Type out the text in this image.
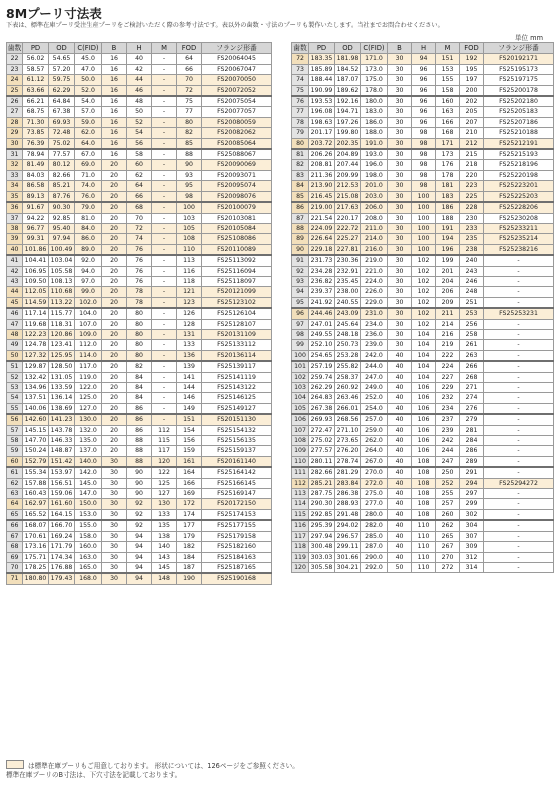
8Mプーリ寸法表
下表は、標準在庫プーリ受注生産プーリをご検討いただく際の参考寸法です。表以外の歯数・寸法のプーリも製作いたします。当社までお問合わせください。
単位 mm
歯数	PD	OD	C(FID)	B	H	M	FOD	フランジ形番
22	56.02	54.65	45.0	16	40	-	64	FS20064045
23	58.57	57.20	47.0	16	42	-	66	FS20067047
24	61.12	59.75	50.0	16	44	-	70	FS20070050
25	63.66	62.29	52.0	16	46	-	72	FS20072052
26	66.21	64.84	54.0	16	48	-	75	FS20075054
27	68.75	67.38	57.0	16	50	-	77	FS20077057
28	71.30	69.93	59.0	16	52	-	80	FS20080059
29	73.85	72.48	62.0	16	54	-	82	FS20082062
30	76.39	75.02	64.0	16	56	-	85	FS20085064
31	78.94	77.57	67.0	16	58	-	88	FS25088067
32	81.49	80.12	69.0	20	60	-	90	FS20090069
33	84.03	82.66	71.0	20	62	-	93	FS20093071
34	86.58	85.21	74.0	20	64	-	95	FS20095074
35	89.13	87.76	76.0	20	66	-	98	FS20098076
36	91.67	90.30	79.0	20	68	-	100	FS20100079
37	94.22	92.85	81.0	20	70	-	103	FS20103081
38	96.77	95.40	84.0	20	72	-	105	FS20105084
39	99.31	97.94	86.0	20	74	-	108	FS25108086
40	101.86	100.49	89.0	20	76	-	110	FS20110089
41	104.41	103.04	92.0	20	76	-	113	FS25113092
42	106.95	105.58	94.0	20	76	-	116	FS25116094
43	109.50	108.13	97.0	20	76	-	118	FS25118097
44	112.05	110.68	99.0	20	78	-	121	FS20121099
45	114.59	113.22	102.0	20	78	-	123	FS25123102
46	117.14	115.77	104.0	20	80	-	126	FS25126104
47	119.68	118.31	107.0	20	80	-	128	FS25128107
48	122.23	120.86	109.0	20	80	-	131	FS20131109
49	124.78	123.41	112.0	20	80	-	133	FS25133112
50	127.32	125.95	114.0	20	80	-	136	FS20136114
51	129.87	128.50	117.0	20	82	-	139	FS25139117
52	132.42	131.05	119.0	20	84	-	141	FS25141119
53	134.96	133.59	122.0	20	84	-	144	FS25143122
54	137.51	136.14	125.0	20	84	-	146	FS25146125
55	140.06	138.69	127.0	20	86	-	149	FS25149127
56	142.60	141.23	130.0	20	86	-	151	FS20151130
57	145.15	143.78	132.0	20	86	112	154	FS25154132
58	147.70	146.33	135.0	20	88	115	156	FS25156135
59	150.24	148.87	137.0	20	88	117	159	FS25159137
60	152.79	151.42	140.0	30	88	120	161	FS20161140
61	155.34	153.97	142.0	30	90	122	164	FS25164142
62	157.88	156.51	145.0	30	90	125	166	FS25166145
63	160.43	159.06	147.0	30	90	127	169	FS25169147
64	162.97	161.60	150.0	30	92	130	172	FS20172150
65	165.52	164.15	153.0	30	92	133	174	FS25174153
66	168.07	166.70	155.0	30	92	135	177	FS25177155
67	170.61	169.24	158.0	30	94	138	179	FS25179158
68	173.16	171.79	160.0	30	94	140	182	FS25182160
69	175.71	174.34	163.0	30	94	143	184	FS25184163
70	178.25	176.88	165.0	30	94	145	187	FS25187165
71	180.80	179.43	168.0	30	94	148	190	FS25190168
歯数	PD	OD	C(FID)	B	H	M	FOD	フランジ形番
72	183.35	181.98	171.0	30	94	151	192	FS20192171
73	185.89	184.52	173.0	30	96	153	195	FS25195173
74	188.44	187.07	175.0	30	96	155	197	FS25197175
75	190.99	189.62	178.0	30	96	158	200	FS25200178
76	193.53	192.16	180.0	30	96	160	202	FS25202180
77	196.08	194.71	183.0	30	96	163	205	FS25205183
78	198.63	197.26	186.0	30	96	166	207	FS25207186
79	201.17	199.80	188.0	30	98	168	210	FS25210188
80	203.72	202.35	191.0	30	98	171	212	FS25212191
81	206.26	204.89	193.0	30	98	173	215	FS25215193
82	208.81	207.44	196.0	30	98	176	218	FS25218196
83	211.36	209.99	198.0	30	98	178	220	FS25220198
84	213.90	212.53	201.0	30	98	181	223	FS25223201
85	216.45	215.08	203.0	30	100	183	225	FS25225203
86	219.00	217.63	206.0	30	100	186	228	FS25228206
87	221.54	220.17	208.0	30	100	188	230	FS25230208
88	224.09	222.72	211.0	30	100	191	233	FS25233211
89	226.64	225.27	214.0	30	100	194	235	FS25235214
90	229.18	227.81	216.0	30	100	196	238	FS25238216
91	231.73	230.36	219.0	30	102	199	240	-
92	234.28	232.91	221.0	30	102	201	243	-
93	236.82	235.45	224.0	30	102	204	246	-
94	239.37	238.00	226.0	30	102	206	248	-
95	241.92	240.55	229.0	30	102	209	251	-
96	244.46	243.09	231.0	30	102	211	253	FS25253231
97	247.01	245.64	234.0	30	102	214	256	-
98	249.55	248.18	236.0	30	104	216	258	-
99	252.10	250.73	239.0	30	104	219	261	-
100	254.65	253.28	242.0	40	104	222	263	-
101	257.19	255.82	244.0	40	104	224	266	-
102	259.74	258.37	247.0	40	104	227	268	-
103	262.29	260.92	249.0	40	106	229	271	-
104	264.83	263.46	252.0	40	106	232	274	-
105	267.38	266.01	254.0	40	106	234	276	-
106	269.93	268.56	257.0	40	106	237	279	-
107	272.47	271.10	259.0	40	106	239	281	-
108	275.02	273.65	262.0	40	106	242	284	-
109	277.57	276.20	264.0	40	106	244	286	-
110	280.11	278.74	267.0	40	108	247	289	-
111	282.66	281.29	270.0	40	108	250	291	-
112	285.21	283.84	272.0	40	108	252	294	FS25294272
113	287.75	286.38	275.0	40	108	255	297	-
114	290.30	288.93	277.0	40	108	257	299	-
115	292.85	291.48	280.0	40	108	260	302	-
116	295.39	294.02	282.0	40	110	262	304	-
117	297.94	296.57	285.0	40	110	265	307	-
118	300.48	299.11	287.0	40	110	267	309	-
119	303.03	301.66	290.0	40	110	270	312	-
120	305.58	304.21	292.0	50	110	272	314	-
は標準在庫プーリもご用意しております。 形状については、126ページをご参照ください。
標準在庫プーリのB寸法は、下穴寸法を記載しております。
